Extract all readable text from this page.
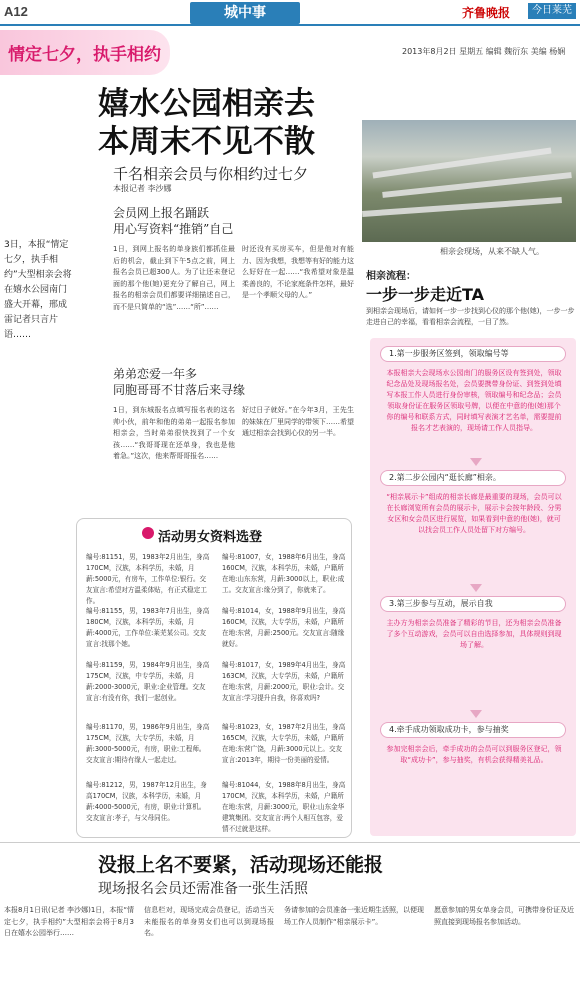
A12	城中事	齐鲁晚报	今日莱芜
情定七夕，执手相约	2013年8月2日 星期五 编辑 魏衍东 美编 杨娴
嬉水公园相亲去
本周末不见不散
千名相亲会员与你相约过七夕
本报记者 李沙娜
相亲会现场，从来不缺人气。
3日，本报“情定七夕，执手相约”大型相亲会将在嬉水公园南门盛大开幕，邢成雷记者只言片语……
会员网上报名踊跃
用心写资料“推销”自己
1日，到网上报名的单身族们都抓住最后的机会，截止到下午5点之前，网上报名会员已超300人。为了让还未登记面的那个他(她)更充分了解自己，网上报名的相亲会员们都要详细描述自己，而不是只简单的“选”……“所”……
时还没有买房买车，但是他对有能力、因为我想，我想等有好的能力这么好好在一起……“我希望对象是温柔善良的，不论家庭条件怎样，最好是一个孝顺父母的人。”
弟弟恋爱一年多
同胞哥哥不甘落后来寻缘
1日，到东城报名点填写报名表的这名帅小伙，前年和他的弟弟一起报名参加相亲会，当时弟弟很快找到了一个女孩……“我哥哥现在还单身，我也是他着急。”这次，他来帮哥哥报名……
好过日子就好。”在今年3月，王先生的妹妹在厂里同学的带领下……希望通过相亲会找到心仪的另一半。
相亲流程：
一步一步走近TA
到相亲会现场后，请如何一步一步找到心仪的那个他(她)，一步一步走进自己的幸福，看看相亲会流程，一目了然。
1.第一步服务区签到，领取编号等
本报相亲大会现场水公园南门的服务区设有签到处，领取纪念品处及现场报名处，会员要携带身份证、到签到处填写本报工作人员进行身份审核，领取编号和纪念品；会员领取身份证在服务区领取号牌，以便在中意的他(她)那个你的编号和联系方式，同时填写表演才艺名单，需要提前报名才艺表演的，现场请工作人员指导。
2.第二步公园内“逛长廊”相亲。
“相亲展示卡”组成的相亲长廊是最重要的现场，会员可以在长廊浏览所有会员的展示卡，展示卡会按年龄段、分男女区和女会员区进行展览，如果看到中意的他(她)，就可以找会员工作人员处留下对方编号。
3.第三步参与互动，展示自我
主办方为相亲会员准备了精彩的节目，还为相亲会员准备了多个互动游戏，会员可以自由选择参加，具体规则到现场了解。
4.牵手成功领取成功卡，参与抽奖
参加完相亲会后，牵手成功的会员可以到服务区登记，领取“成功卡”，参与抽奖，有机会获得精美礼品。
活动男女资料选登
编号:81151，男，1983年2月出生，身高170CM，汉族，本科学历，未婚，月薪:5000元，有房车，工作单位:银行。交友宣言:希望对方温柔体贴，有正式稳定工作。
编号:81155，男，1983年7月出生，身高180CM，汉族，本科学历，未婚，月薪:4000元，工作单位:莱芜某公司。交友宣言:找那个她。
编号:81159，男，1984年9月出生，身高175CM，汉族，中专学历，未婚，月薪:2000-3000元，职业:企业管理。交友宣言:有没有你，我们一起创业。
编号:81170，男，1986年9月出生，身高175CM，汉族，大专学历，未婚，月薪:3000-5000元，有房，职业:工程师。交友宣言:期待有缘人一起走过。
编号:81212，男，1987年12月出生，身高170CM，汉族，本科学历，未婚，月薪:4000-5000元，有房，职业:计算机。交友宣言:孝子，与父母同住。
编号:81007，女，1988年6月出生，身高160CM，汉族，本科学历，未婚，户籍所在地:山东东营，月薪:3000以上，职业:成工。交友宣言:缘分到了，你就来了。
编号:81014，女，1988年9月出生，身高160CM，汉族，大专学历，未婚，户籍所在地:东营，月薪:2500元。交友宣言:随缘就好。
编号:81017，女，1989年4月出生，身高163CM，汉族，大专学历，未婚，户籍所在地:东营，月薪:2000元，职业:会计。交友宣言:学习提升自我，你喜欢吗?
编号:81023，女，1987年2月出生，身高165CM，汉族，大专学历，未婚，户籍所在地:东营广饶，月薪:3000元以上。交友宣言:2013年，期待一份美丽的爱情。
编号:81044，女，1988年8月出生，身高170CM，汉族，本科学历，未婚，户籍所在地:东营，月薪:3000元，职业:山东金华建筑集团。交友宣言:两个人相互包容，爱情不过就是这样。
没报上名不要紧，活动现场还能报
现场报名会员还需准备一张生活照
本报8月1日讯(记者 李沙娜)1日，本报“情定七夕，执手相约”大型相亲会将于8月3日在嬉水公园举行……
信息栏对，现场完成会员登记，活动当天未能报名的单身男女们也可以到现场报名。
务请参加的会员准备一张近期生活照，以便现场工作人员制作“相亲展示卡”。
愿意参加的男女单身会员，可携带身份证及近照直接到现场报名参加活动。
